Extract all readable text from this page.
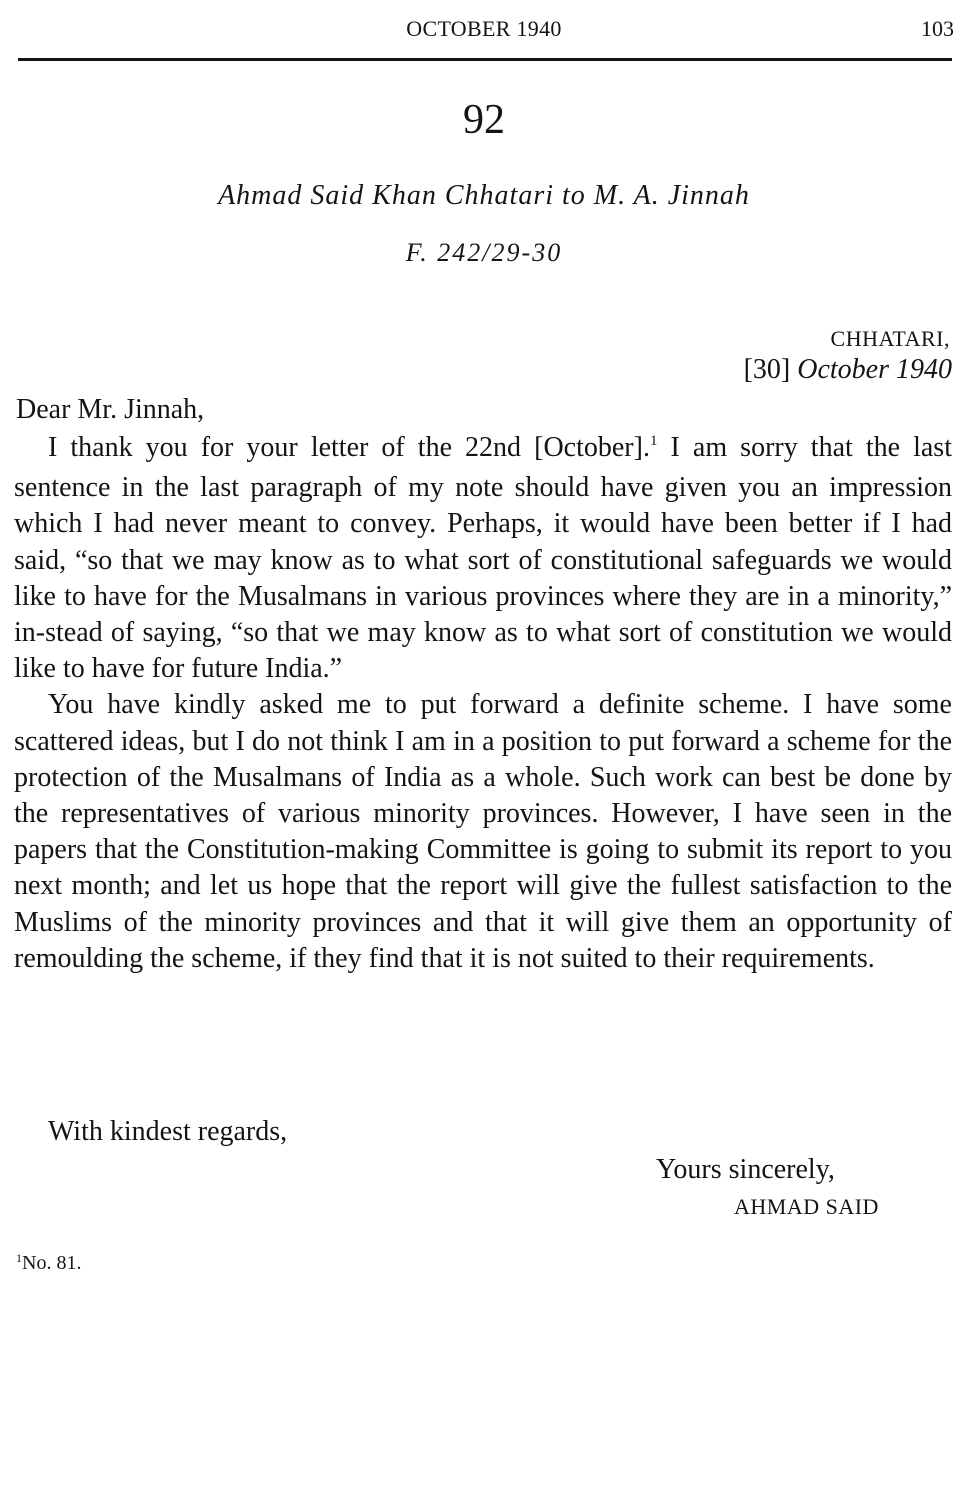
OCTOBER 1940	103
92
Ahmad Said Khan Chhatari to M. A. Jinnah
F. 242/29-30
CHHATARI,
[30] October 1940
Dear Mr. Jinnah,

I thank you for your letter of the 22nd [October].$^1$ I am sorry that the last sentence in the last paragraph of my note should have given you an impression which I had never meant to convey. Perhaps, it would have been better if I had said, “so that we may know as to what sort of constitutional safeguards we would like to have for the Musalmans in various provinces where they are in a minority,” in-stead of saying, “so that we may know as to what sort of constitution we would like to have for future India.”

You have kindly asked me to put forward a definite scheme. I have some scattered ideas, but I do not think I am in a position to put forward a scheme for the protection of the Musalmans of India as a whole. Such work can best be done by the representatives of various minority provinces. However, I have seen in the papers that the Constitution-making Committee is going to submit its report to you next month; and let us hope that the report will give the fullest satisfaction to the Muslims of the minority provinces and that it will give them an opportunity of remoulding the scheme, if they find that it is not suited to their requirements.

With kindest regards,
Yours sincerely,
AHMAD SAID
$^1$No. 81.
